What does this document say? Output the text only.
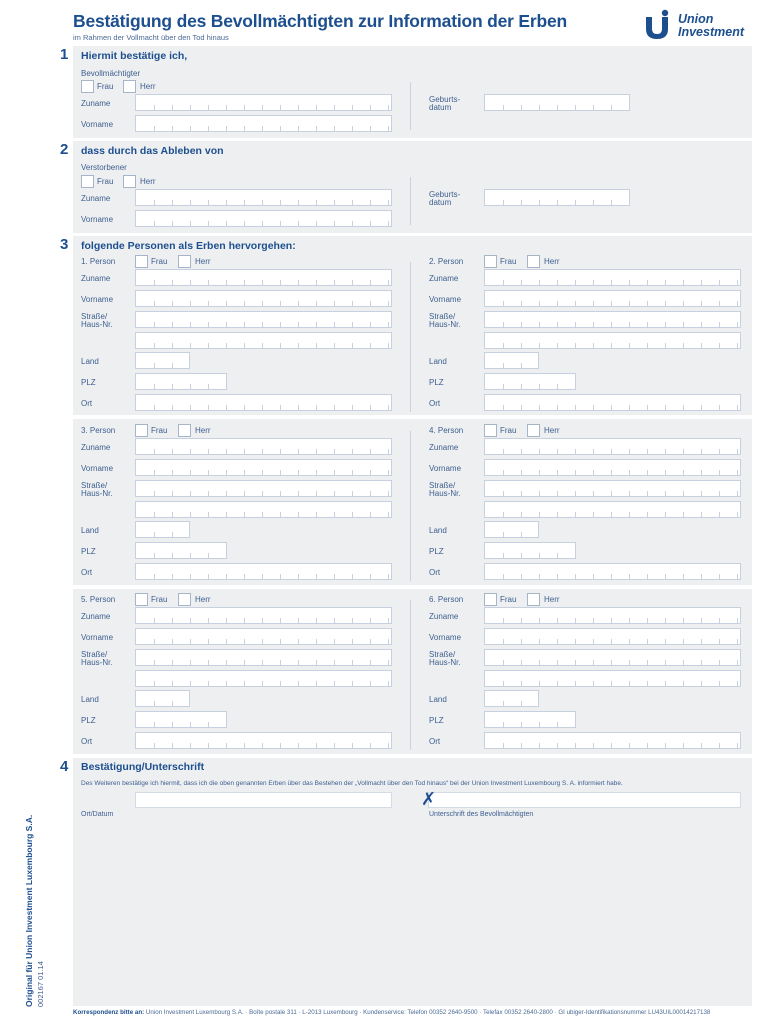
Bestätigung des Bevollmächtigten zur Information der Erben
im Rahmen der Vollmacht über den Tod hinaus
Union
Investment
1 Hiermit bestätige ich,
Bevollmächtigter
2 dass durch das Ableben von
Verstorbener
3 folgende Personen als Erben hervorgehen:
4 Bestätigung/Unterschrift
Des Weiteren bestätige ich hiermit, dass ich die oben genannten Erben über das Bestehen der „Vollmacht über den Tod hinaus“ bei der Union Investment Luxembourg S. A. informiert habe.
✗
Ort/Datum	Unterschrift des Bevollmächtigten
Frau	Herr
Zuname
Vorname
Geburts-
datum
Frau	Herr
Zuname
Vorname
Geburts-
datum
1. Person	Frau	Herr
Zuname
Vorname
Straße/
Haus-Nr.
Land
PLZ
Ort
2. Person	Frau	Herr
Zuname
Vorname
Straße/
Haus-Nr.
Land
PLZ
Ort
3. Person	Frau	Herr
Zuname
Vorname
Straße/
Haus-Nr.
Land
PLZ
Ort
4. Person	Frau	Herr
Zuname
Vorname
Straße/
Haus-Nr.
Land
PLZ
Ort
5. Person	Frau	Herr
Zuname
Vorname
Straße/
Haus-Nr.
Land
PLZ
Ort
6. Person	Frau	Herr
Zuname
Vorname
Straße/
Haus-Nr.
Land
PLZ
Ort
Original für Union Investment Luxembourg S.A. 002167 01.14
Korrespondenz bitte an: Union Investment Luxembourg S.A. · Boîte postale 311 · L-2013 Luxembourg · Kundenservice: Telefon 00352 2640-9500 · Telefax 00352 2640-2800 · GI ubiger-Identifikationsnummer LU43UIL00014217138
